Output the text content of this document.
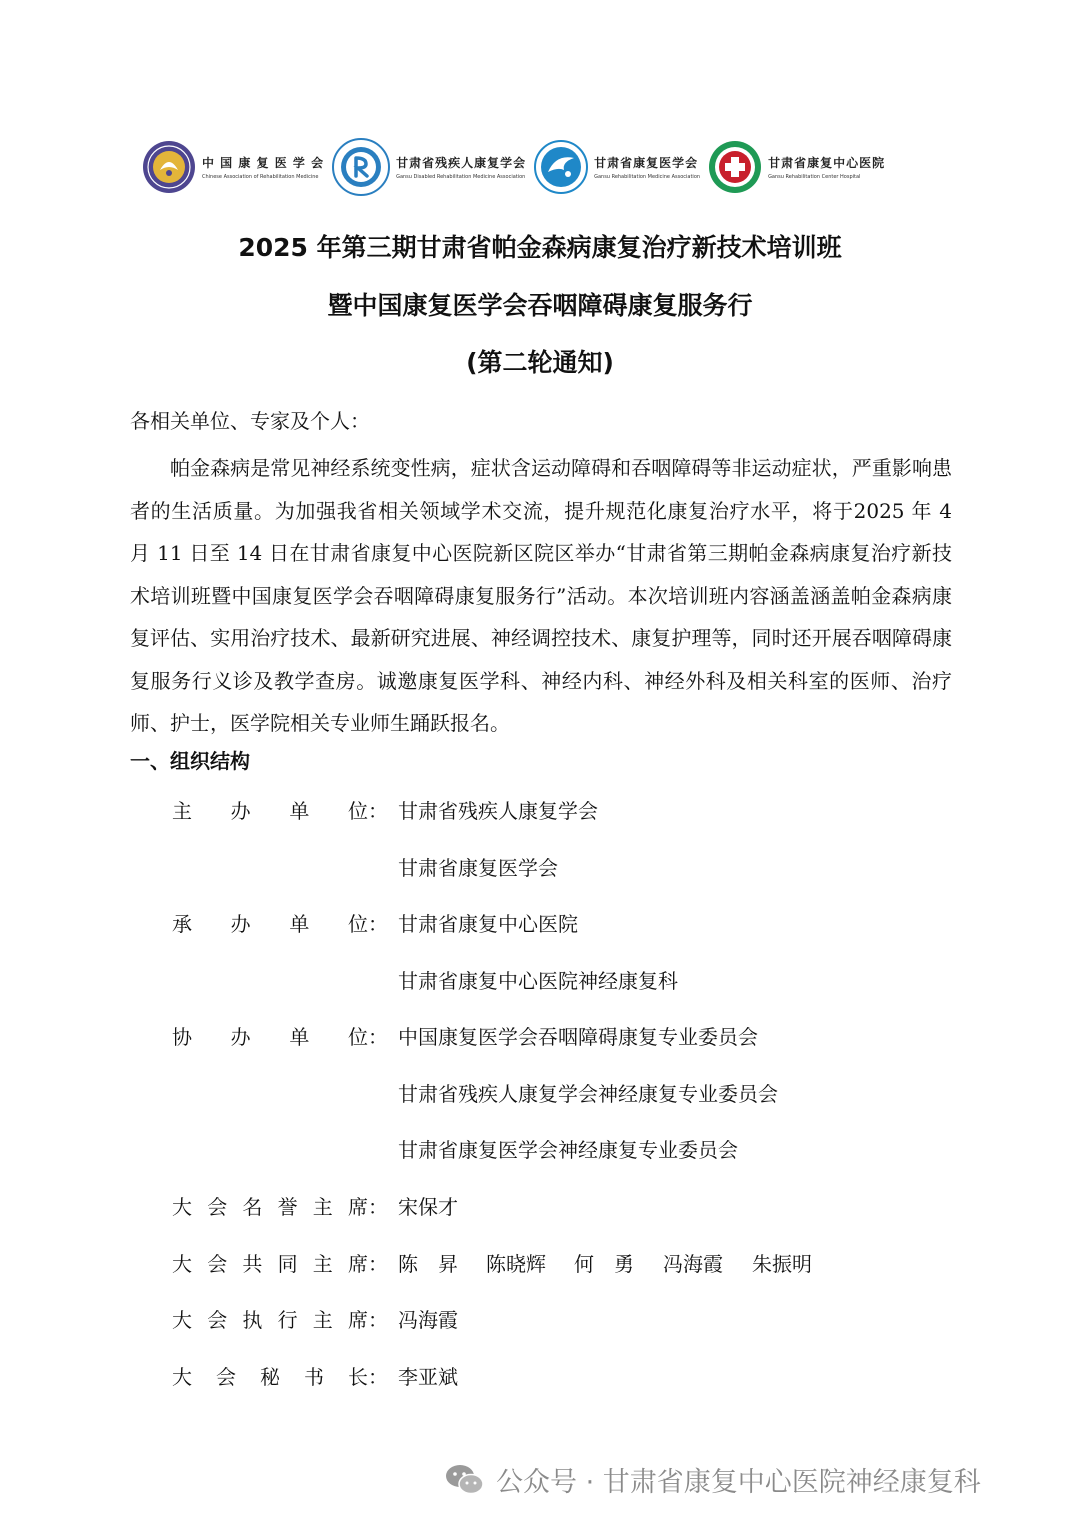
中 国 康 复 医 学 会
Chinese Association of Rehabilitation Medicine
甘肃省残疾人康复学会
Gansu Disabled Rehabilitation Medicine Association
甘肃省康复医学会
Gansu Rehabilitation Medicine Association
甘肃省康复中心医院
Gansu Rehabilitation Center Hospital
2025 年第三期甘肃省帕金森病康复治疗新技术培训班
暨中国康复医学会吞咽障碍康复服务行
(第二轮通知)
各相关单位、专家及个人：

帕金森病是常见神经系统变性病，症状含运动障碍和吞咽障碍等非运动症状，严重影响患者的生活质量。为加强我省相关领域学术交流，提升规范化康复治疗水平，将于2025 年 4 月 11 日至 14 日在甘肃省康复中心医院新区院区举办“甘肃省第三期帕金森病康复治疗新技术培训班暨中国康复医学会吞咽障碍康复服务行”活动。本次培训班内容涵盖涵盖帕金森病康复评估、实用治疗技术、最新研究进展、神经调控技术、康复护理等，同时还开展吞咽障碍康复服务行义诊及教学查房。诚邀康复医学科、神经内科、神经外科及相关科室的医师、治疗师、护士，医学院相关专业师生踊跃报名。

一、组织结构
主办单位 ： 甘肃省残疾人康复学会
甘肃省康复医学会
承办单位 ： 甘肃省康复中心医院
甘肃省康复中心医院神经康复科
协办单位 ： 中国康复医学会吞咽障碍康复专业委员会
甘肃省残疾人康复学会神经康复专业委员会
甘肃省康复医学会神经康复专业委员会
大会名誉主席 ： 宋保才
大会共同主席 ： 陈　昇 陈晓辉 何　勇 冯海霞 朱振明
大会执行主席 ： 冯海霞
大会秘书长 ： 李亚斌
公众号 · 甘肃省康复中心医院神经康复科
